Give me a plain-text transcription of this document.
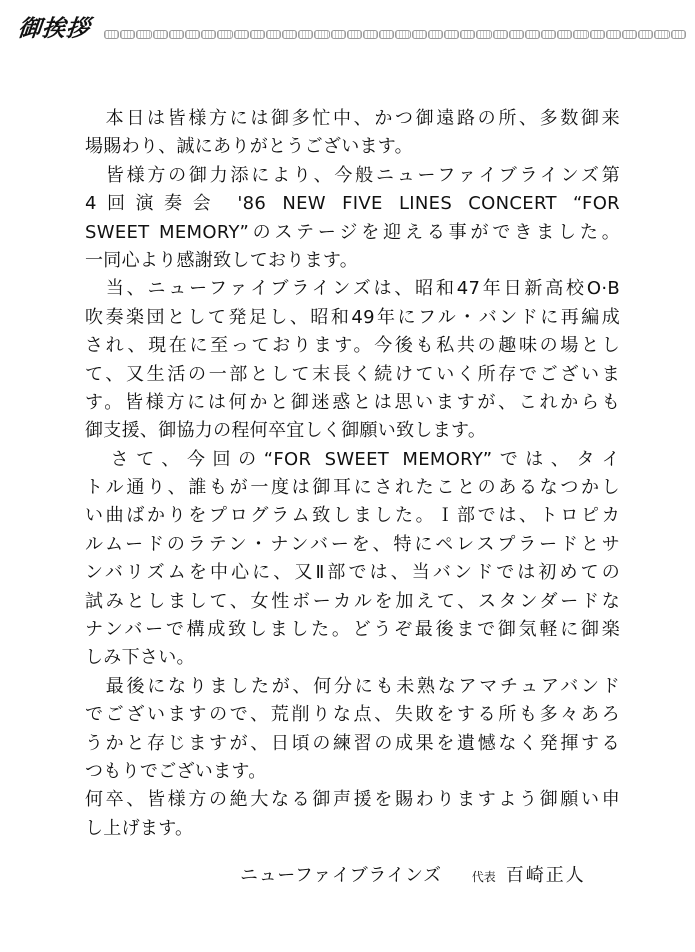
御挨拶
　本日は皆様方には御多忙中、かつ御遠路の所、多数御来
場賜わり、誠にありがとうございます。
　皆様方の御力添により、今般ニューファイブラインズ第
4回演奏会 '86 NEW FIVE LINES CONCERT “FOR
SWEET MEMORY”のステージを迎える事ができました。
一同心より感謝致しております。
　当、ニューファイブラインズは、昭和47年日新高校O·B
吹奏楽団として発足し、昭和49年にフル・バンドに再編成
され、現在に至っております。今後も私共の趣味の場とし
て、又生活の一部として末長く続けていく所存でございま
す。皆様方には何かと御迷惑とは思いますが、これからも
御支援、御協力の程何卒宜しく御願い致します。
　さて、今回の“FOR SWEET MEMORY”では、タイ
トル通り、誰もが一度は御耳にされたことのあるなつかし
い曲ばかりをプログラム致しました。Ｉ部では、トロピカ
ルムードのラテン・ナンバーを、特にペレスプラードとサ
ンバリズムを中心に、又Ⅱ部では、当バンドでは初めての
試みとしまして、女性ボーカルを加えて、スタンダードな
ナンバーで構成致しました。どうぞ最後まで御気軽に御楽
しみ下さい。
　最後になりましたが、何分にも未熟なアマチュアバンド
でございますので、荒削りな点、失敗をする所も多々あろ
うかと存じますが、日頃の練習の成果を遺憾なく発揮する
つもりでございます。
何卒、皆様方の絶大なる御声援を賜わりますよう御願い申
し上げます。
ニューファイブラインズ	代表 百崎正人
